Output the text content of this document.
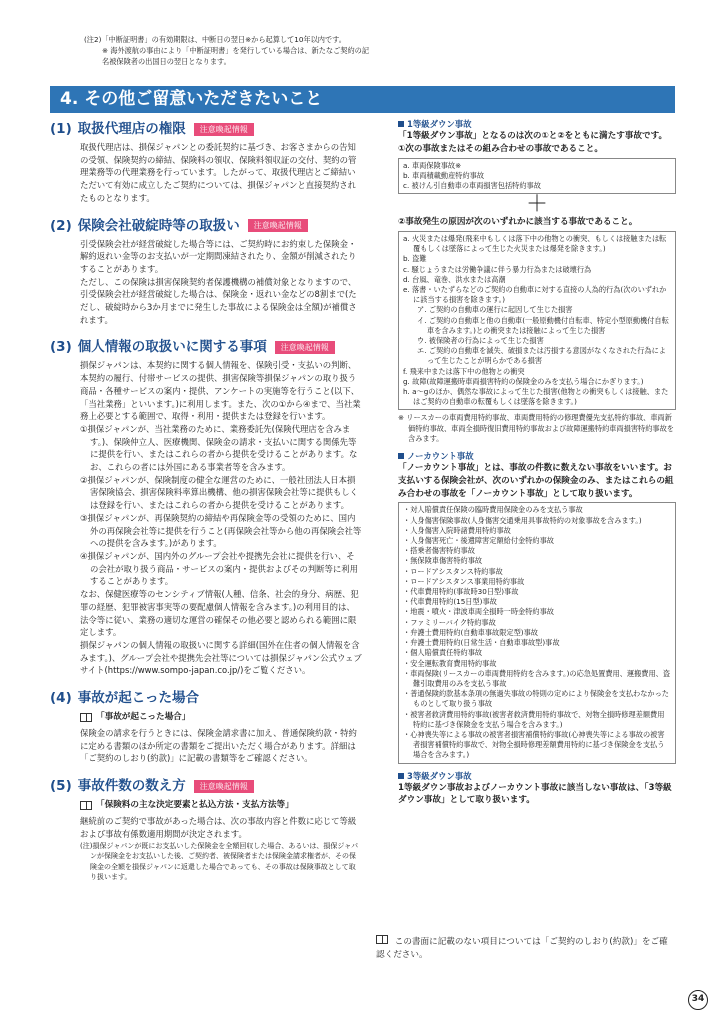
(注2)「中断証明書」の有効期限は、中断日の翌日※から起算して10年以内です。

※ 海外渡航の事由により「中断証明書」を発行している場合は、新たなご契約の記名被保険者の出国日の翌日となります。

4. その他ご留意いただきたいこと
(1) 取扱代理店の権限	注意喚起情報

取扱代理店は、損保ジャパンとの委託契約に基づき、お客さまからの告知の受領、保険契約の締結、保険料の領収、保険料領収証の交付、契約の管理業務等の代理業務を行っています。したがって、取扱代理店とご締結いただいて有効に成立したご契約については、損保ジャパンと直接契約されたものとなります。

(2) 保険会社破綻時等の取扱い	注意喚起情報

引受保険会社が経営破綻した場合等には、ご契約時にお約束した保険金・解約返れい金等のお支払いが一定期間凍結されたり、金額が削減されたりすることがあります。

ただし、この保険は損害保険契約者保護機構の補償対象となりますので、引受保険会社が経営破綻した場合は、保険金・返れい金などの8割まで(ただし、破綻時から3か月までに発生した事故による保険金は全額)が補償されます。

(3) 個人情報の取扱いに関する事項	注意喚起情報

損保ジャパンは、本契約に関する個人情報を、保険引受・支払いの判断、本契約の履行、付帯サービスの提供、損害保険等損保ジャパンの取り扱う商品・各種サービスの案内・提供、アンケートの実施等を行うこと(以下、「当社業務」といいます。)に利用します。また、次の①から④まで、当社業務上必要とする範囲で、取得・利用・提供または登録を行います。

①損保ジャパンが、当社業務のために、業務委託先(保険代理店を含みます。)、保険仲立人、医療機関、保険金の請求・支払いに関する関係先等に提供を行い、またはこれらの者から提供を受けることがあります。なお、これらの者には外国にある事業者等を含みます。

②損保ジャパンが、保険制度の健全な運営のために、一般社団法人日本損害保険協会、損害保険料率算出機構、他の損害保険会社等に提供もしくは登録を行い、またはこれらの者から提供を受けることがあります。

③損保ジャパンが、再保険契約の締結や再保険金等の受領のために、国内外の再保険会社等に提供を行うこと(再保険会社等から他の再保険会社等への提供を含みます。)があります。

④損保ジャパンが、国内外のグループ会社や提携先会社に提供を行い、その会社が取り扱う商品・サービスの案内・提供およびその判断等に利用することがあります。

なお、保健医療等のセンシティブ情報(人種、信条、社会的身分、病歴、犯罪の経歴、犯罪被害事実等の要配慮個人情報を含みます。)の利用目的は、法令等に従い、業務の適切な運営の確保その他必要と認められる範囲に限定します。

損保ジャパンの個人情報の取扱いに関する詳細(国外在住者の個人情報を含みます。)、グループ会社や提携先会社等については損保ジャパン公式ウェブサイト(https://www.sompo-japan.co.jp/)をご覧ください。

(4) 事故が起こった場合
「事故が起こった場合」

保険金の請求を行うときには、保険金請求書に加え、普通保険約款・特約に定める書類のほか所定の書類をご提出いただく場合があります。詳細は「ご契約のしおり(約款)」に記載の書類等をご確認ください。

(5) 事故件数の数え方	注意喚起情報
「保険料の主な決定要素と払込方法・支払方法等」

継続前のご契約で事故があった場合は、次の事故内容と件数に応じて等級および事故有係数適用期間が決定されます。

(注)損保ジャパンが既にお支払いした保険金を全額回収した場合、あるいは、損保ジャパンが保険金をお支払いした後、ご契約者、被保険者または保険金請求権者が、その保険金の全額を損保ジャパンに返還した場合であっても、その事故は保険事故として取り扱います。

1等級ダウン事故

「1等級ダウン事故」となるのは次の①と②をともに満たす事故です。

①次の事故またはその組み合わせの事故であること。

a. 車両保険事故※

b. 車両積載動産特約事故

c. 被けん引自動車の車両損害包括特約事故

＋

②事故発生の原因が次のいずれかに該当する事故であること。

a. 火災または爆発(飛来中もしくは落下中の他物との衝突、もしくは接触または転覆もしくは墜落によって生じた火災または爆発を除きます。)

b. 盗難

c. 騒じょうまたは労働争議に伴う暴力行為または破壊行為

d. 台風、竜巻、洪水または高潮

e. 落書・いたずらなどのご契約の自動車に対する直接の人為的行為(次のいずれかに該当する損害を除きます。)

ア. ご契約の自動車の運行に起因して生じた損害

イ. ご契約の自動車と他の自動車(一般原動機付自転車、特定小型原動機付自転車を含みます。)との衝突または接触によって生じた損害

ウ. 被保険者の行為によって生じた損害

エ. ご契約の自動車を滅失、破損または汚損する意図がなくなされた行為によって生じたことが明らかである損害

f. 飛来中または落下中の他物との衝突

g. 故障(故障運搬時車両損害特約の保険金のみを支払う場合にかぎります。)

h. a～gのほか、偶然な事故によって生じた損害(他物との衝突もしくは接触、またはご契約の自動車の転覆もしくは墜落を除きます。)

※ リースカーの車両費用特約事故、車両費用特約の修理費優先支払特約事故、車両新価特約事故、車両全損時復旧費用特約事故および故障運搬特約車両損害特約事故を含みます。

ノーカウント事故

「ノーカウント事故」とは、事故の件数に数えない事故をいいます。お支払いする保険会社が、次のいずれかの保険金のみ、またはこれらの組み合わせの事故を「ノーカウント事故」として取り扱います。

・対人賠償責任保険の臨時費用保険金のみを支払う事故

・人身傷害保険事故(人身傷害交通乗用具事故特約の対象事故を含みます。)

・人身傷害入院時諸費用特約事故

・人身傷害死亡・後遺障害定額給付金特約事故

・搭乗者傷害特約事故

・無保険車傷害特約事故

・ロードアシスタンス特約事故

・ロードアシスタンス事業用特約事故

・代車費用特約(事故時30日型)事故

・代車費用特約(15日型)事故

・地震・噴火・津波車両全損時一時金特約事故

・ファミリーバイク特約事故

・弁護士費用特約(自動車事故限定型)事故

・弁護士費用特約(日常生活・自動車事故型)事故

・個人賠償責任特約事故

・安全運転教育費用特約事故

・車両保険(リースカーの車両費用特約を含みます。)の応急処置費用、運搬費用、盗難引取費用のみを支払う事故

・普通保険約款基本条項の無過失事故の特則の定めにより保険金を支払わなかったものとして取り扱う事故

・被害者救済費用特約事故(被害者救済費用特約事故で、対物全損時修理差額費用特約に基づき保険金を支払う場合を含みます。)

・心神喪失等による事故の被害者損害補償特約事故(心神喪失等による事故の被害者損害補償特約事故で、対物全損時修理差額費用特約に基づき保険金を支払う場合を含みます。)

3等級ダウン事故

1等級ダウン事故およびノーカウント事故に該当しない事故は、「3等級ダウン事故」として取り扱います。

この書面に記載のない項目については「ご契約のしおり(約款)」をご確認ください。
34
